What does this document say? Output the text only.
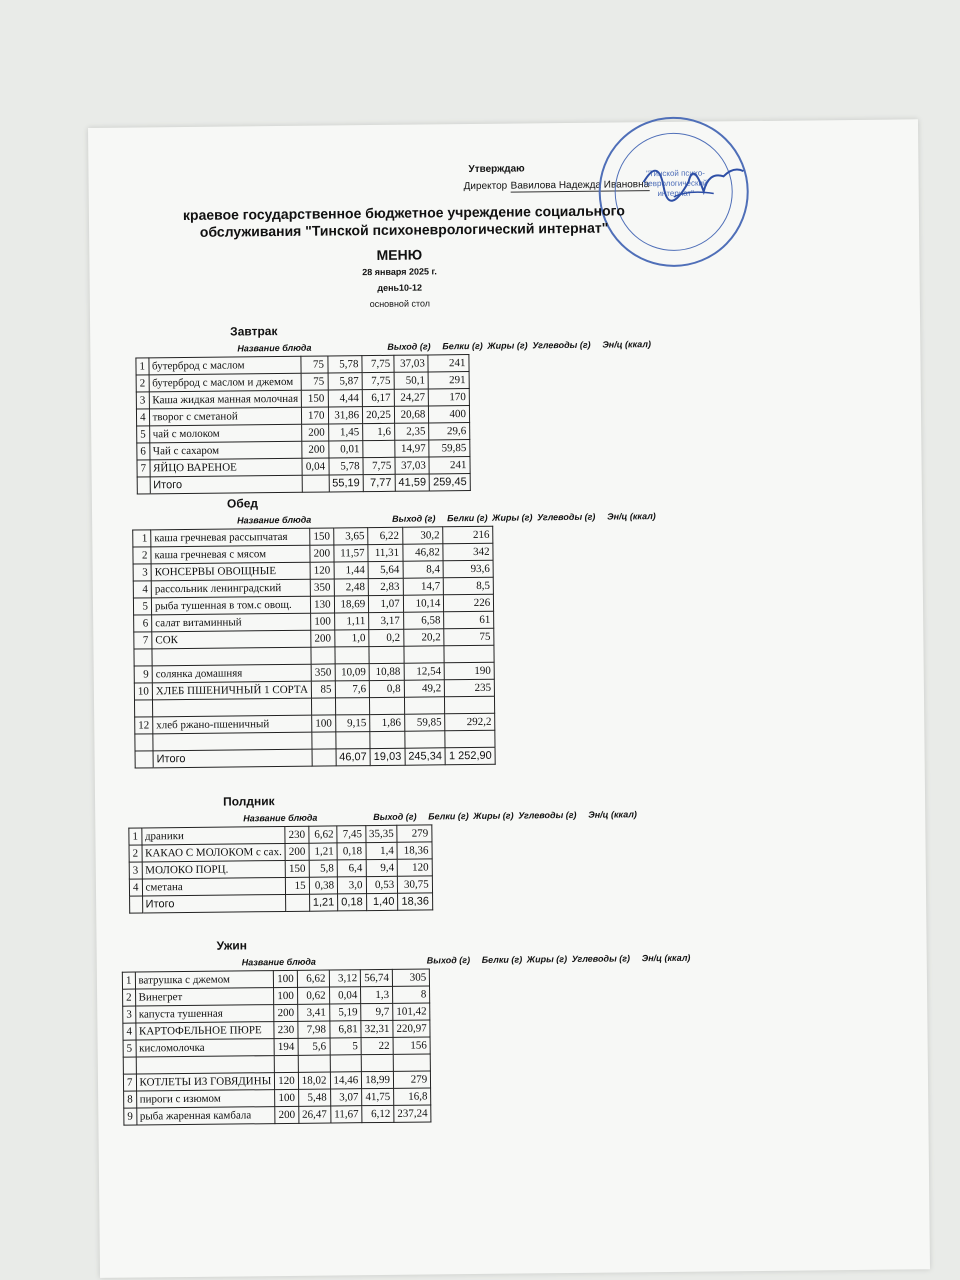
Утверждаю
Директор Вавилова Надежда Ивановна
"Тинской психо-неврологический интернат"
краевое государственное бюджетное учреждение социального
обслуживания "Тинской психоневрологический интернат"
МЕНЮ
28 января 2025 г.
день10-12
основной стол
Завтрак
Название блюда	Выход (г) Белки (г) Жиры (г) Углеводы (г) Эн/ц (ккал)
1	бутерброд с маслом	75	5,78	7,75	37,03	241
2	бутерброд с маслом и джемом	75	5,87	7,75	50,1	291
3	Каша жидкая манная молочная	150	4,44	6,17	24,27	170
4	творог с сметаной	170	31,86	20,25	20,68	400
5	чай с молоком	200	1,45	1,6	2,35	29,6
6	Чай с сахаром	200	0,01		14,97	59,85
7	ЯЙЦО ВАРЕНОЕ	0,04	5,78	7,75	37,03	241
	Итого		55,19	7,77	41,59	259,45
Обед
Название блюда	Выход (г) Белки (г) Жиры (г) Углеводы (г) Эн/ц (ккал)
1	каша гречневая рассыпчатая	150	3,65	6,22	30,2	216
2	каша гречневая с мясом	200	11,57	11,31	46,82	342
3	КОНСЕРВЫ ОВОЩНЫЕ	120	1,44	5,64	8,4	93,6
4	рассольник ленинградский	350	2,48	2,83	14,7	8,5
5	рыба тушенная в том.с овощ.	130	18,69	1,07	10,14	226
6	салат витаминный	100	1,11	3,17	6,58	61
7	СОК	200	1,0	0,2	20,2	75

9	солянка домашняя	350	10,09	10,88	12,54	190
10	ХЛЕБ ПШЕНИЧНЫЙ 1 СОРТА	85	7,6	0,8	49,2	235

12	хлеб ржано-пшеничный	100	9,15	1,86	59,85	292,2

	Итого		46,07	19,03	245,34	1 252,90
Полдник
Название блюда	Выход (г) Белки (г) Жиры (г) Углеводы (г) Эн/ц (ккал)
1	драники	230	6,62	7,45	35,35	279
2	КАКАО С МОЛОКОМ с сах.	200	1,21	0,18	1,4	18,36
3	МОЛОКО ПОРЦ.	150	5,8	6,4	9,4	120
4	сметана	15	0,38	3,0	0,53	30,75
	Итого		1,21	0,18	1,40	18,36
Ужин
Название блюда	Выход (г) Белки (г) Жиры (г) Углеводы (г) Эн/ц (ккал)
1	ватрушка с джемом	100	6,62	3,12	56,74	305
2	Винегрет	100	0,62	0,04	1,3	8
3	капуста тушенная	200	3,41	5,19	9,7	101,42
4	КАРТОФЕЛЬНОЕ ПЮРЕ	230	7,98	6,81	32,31	220,97
5	кисломолочка	194	5,6	5	22	156

7	КОТЛЕТЫ ИЗ ГОВЯДИНЫ	120	18,02	14,46	18,99	279
8	пироги с изюмом	100	5,48	3,07	41,75	16,8
9	рыба жаренная камбала	200	26,47	11,67	6,12	237,24
